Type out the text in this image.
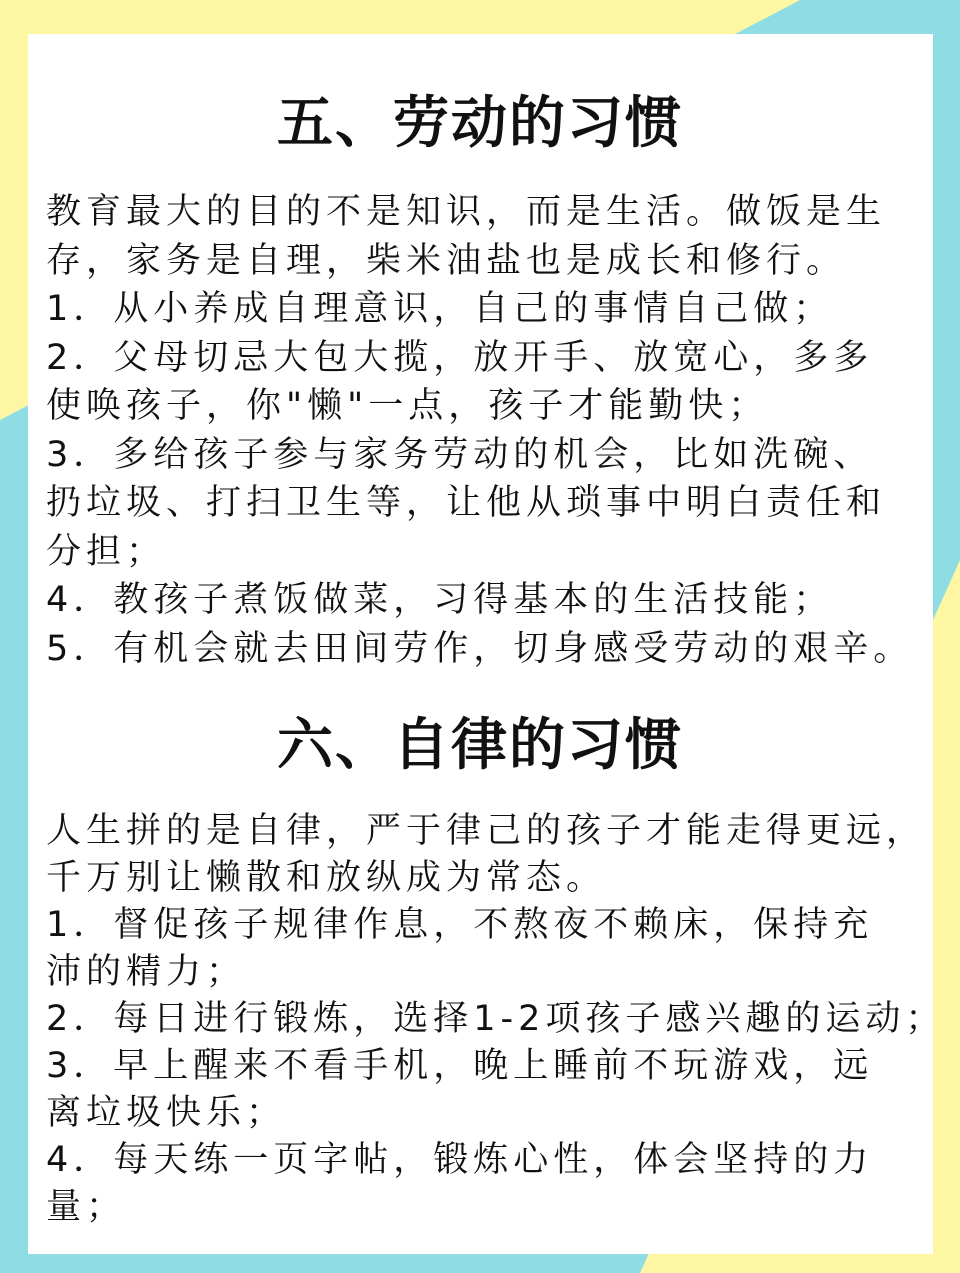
五、劳动的习惯
教育最大的目的不是知识，而是生活。做饭是生
存，家务是自理，柴米油盐也是成长和修行。
1．从小养成自理意识，自己的事情自己做；
2．父母切忌大包大揽，放开手、放宽心，多多
使唤孩子，你"懒"一点，孩子才能勤快；
3．多给孩子参与家务劳动的机会，比如洗碗、
扔垃圾、打扫卫生等，让他从琐事中明白责任和
分担；
4．教孩子煮饭做菜，习得基本的生活技能；
5．有机会就去田间劳作，切身感受劳动的艰辛。
六、自律的习惯
人生拼的是自律，严于律己的孩子才能走得更远，
千万别让懒散和放纵成为常态。
1．督促孩子规律作息，不熬夜不赖床，保持充
沛的精力；
2．每日进行锻炼，选择1-2项孩子感兴趣的运动；
3．早上醒来不看手机，晚上睡前不玩游戏，远
离垃圾快乐；
4．每天练一页字帖，锻炼心性，体会坚持的力
量；
